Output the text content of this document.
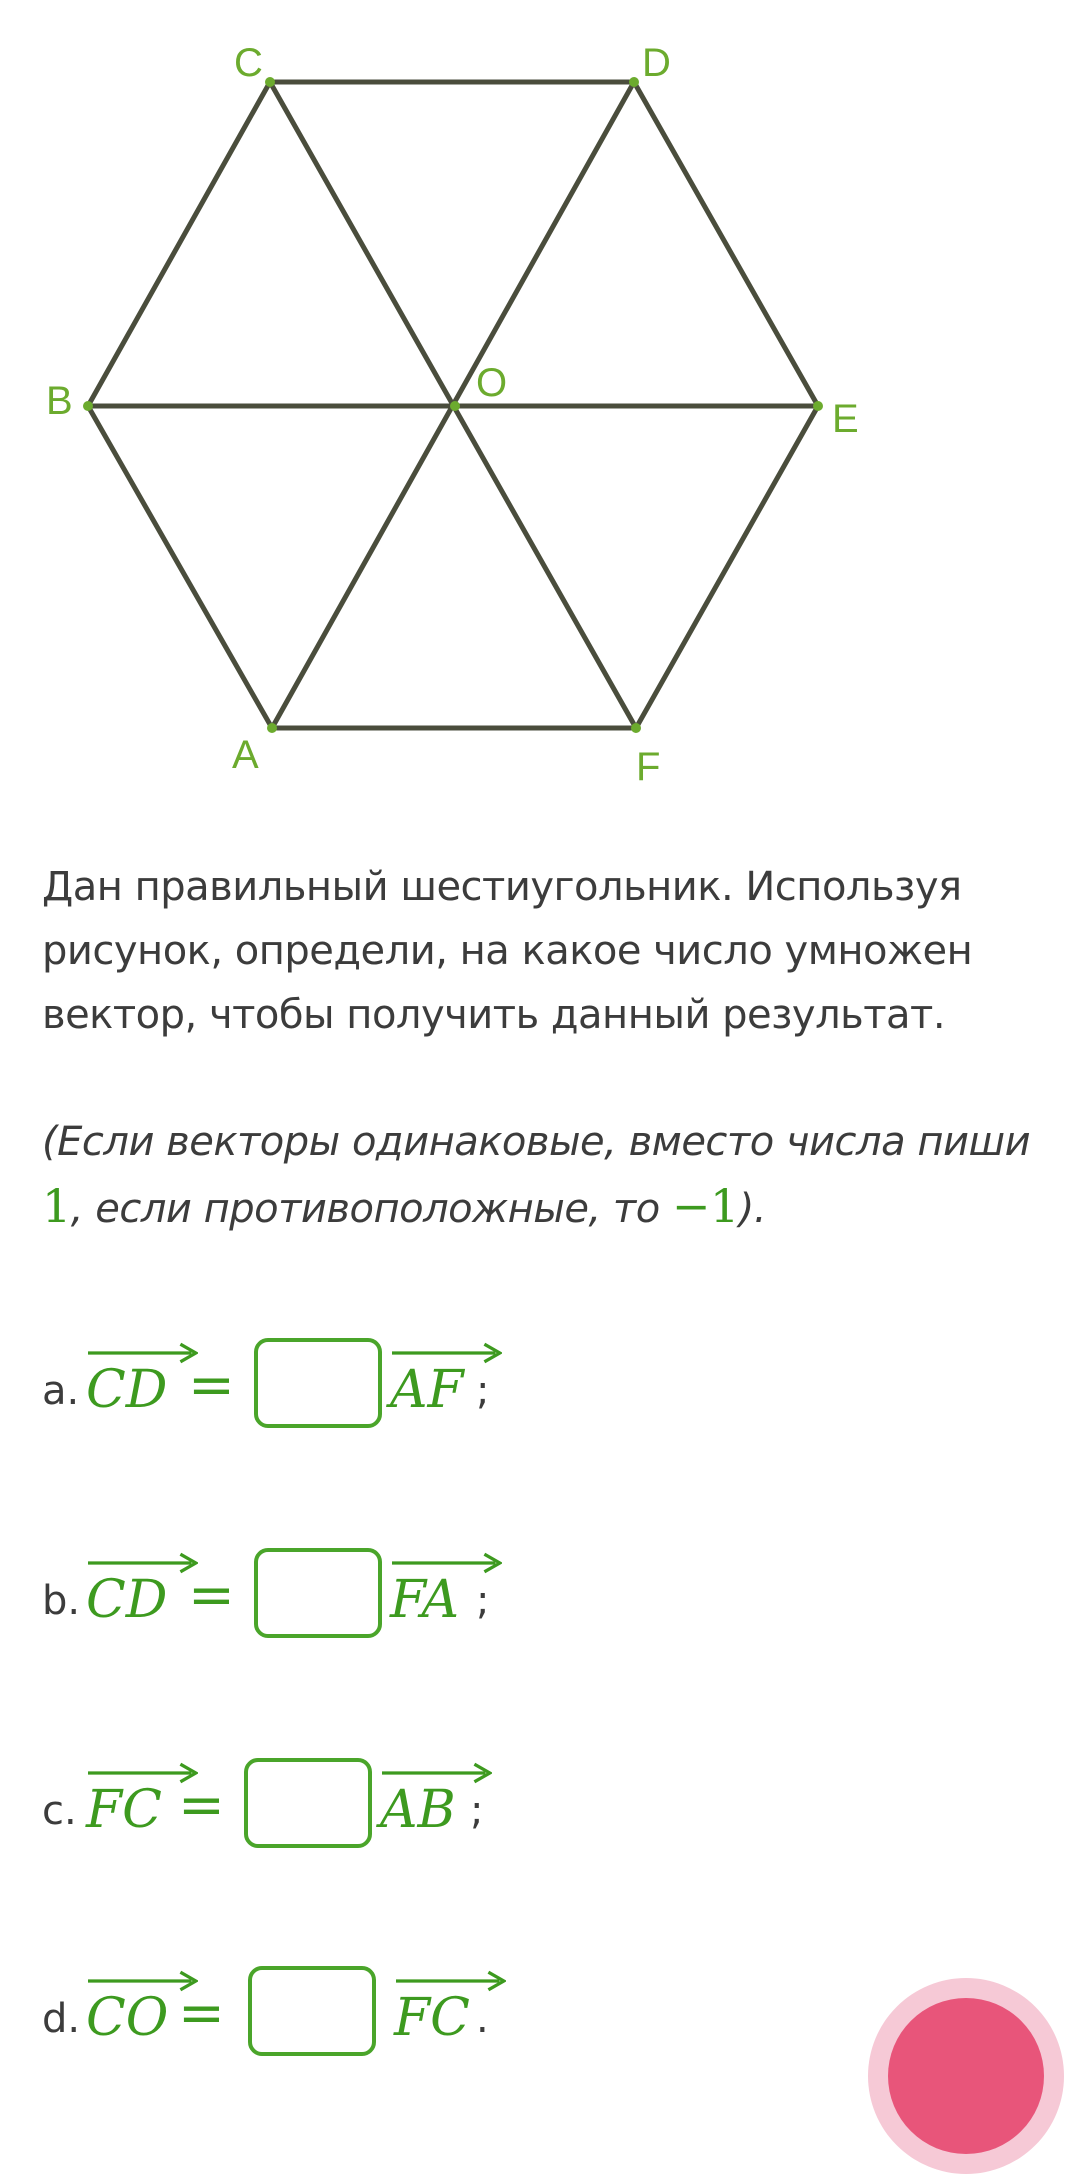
C	D
B	O
E
A	F
Дан правильный шестиугольник. Используя рисунок, определи, на какое число умножен вектор, чтобы получить данный результат.
(Если векторы одинаковые, вместо числа пиши 1, если противоположные, то −1).
a. CD =	AF ;
b. CD =	FA ;
c. FC =	AB ;
d. CO =	FC .
